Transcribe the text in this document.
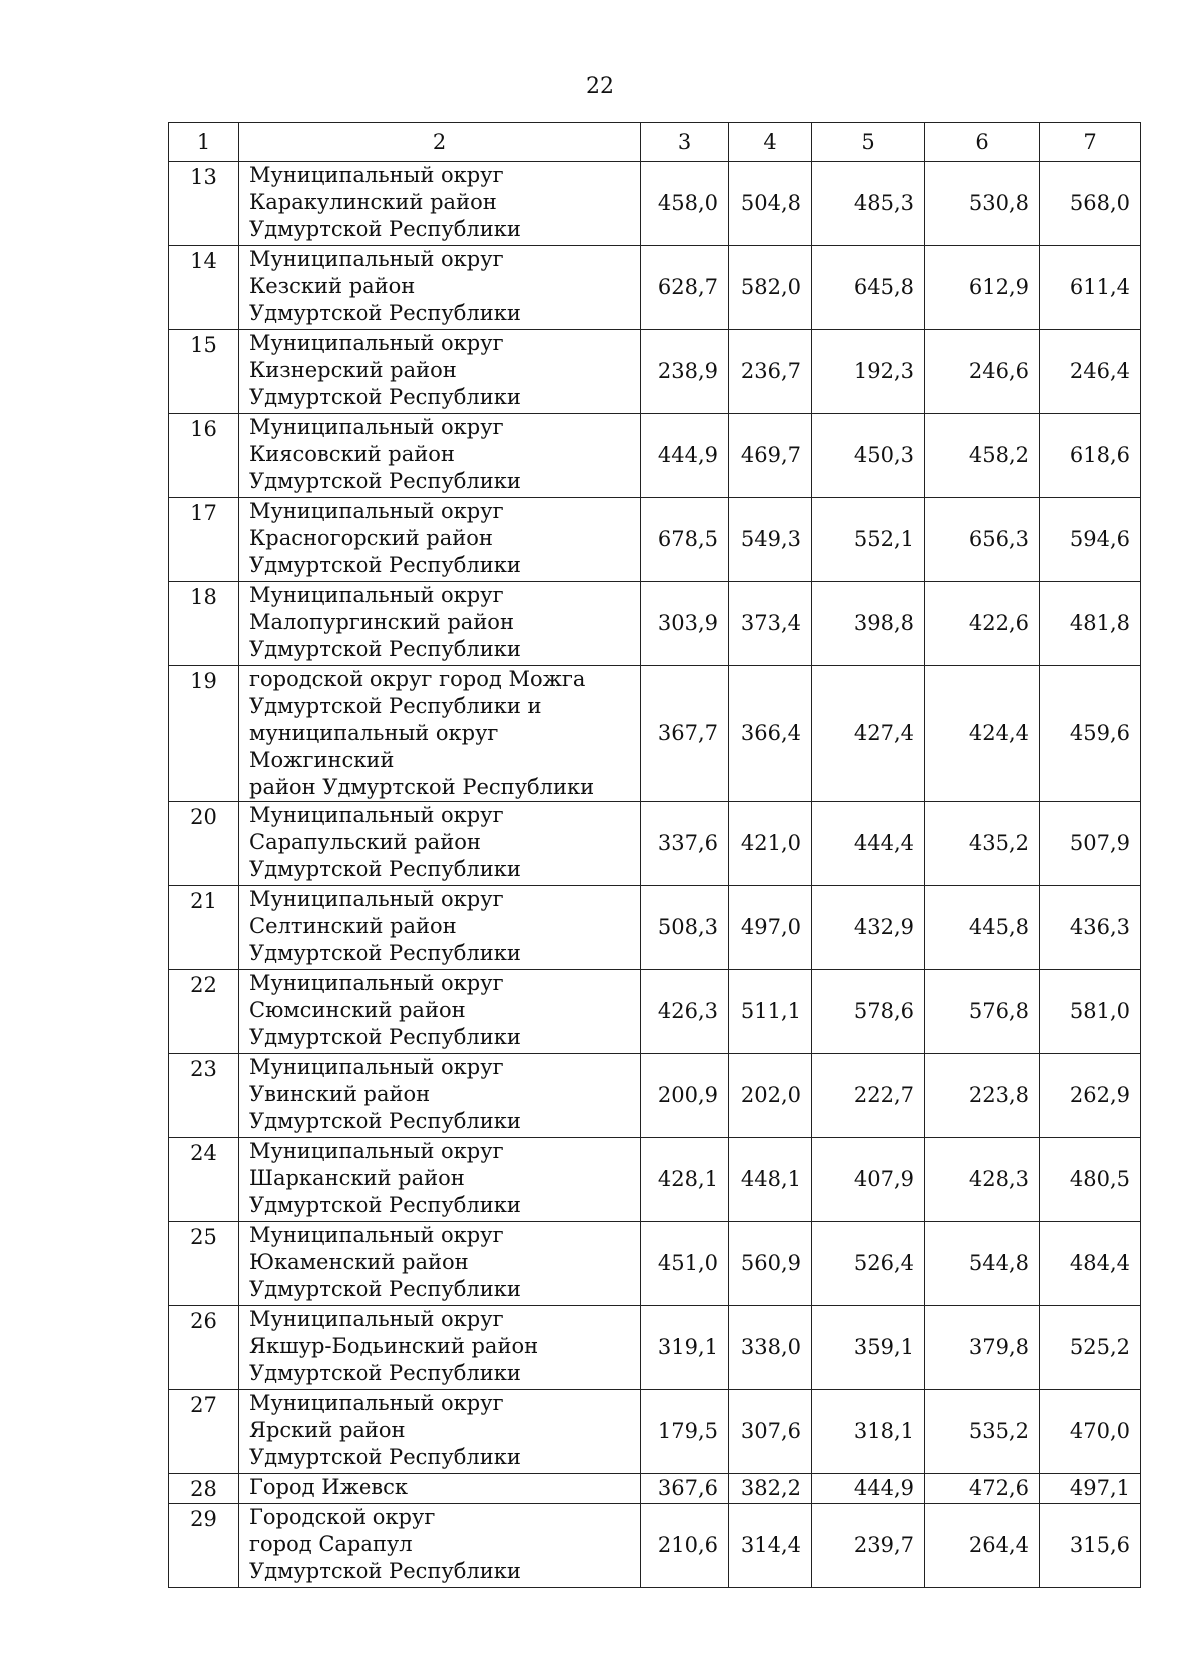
22
1	2	3	4	5	6	7
13	Муниципальный округ
Каракулинский район
Удмуртской Республики	458,0	504,8	485,3	530,8	568,0
14	Муниципальный округ
Кезский район
Удмуртской Республики	628,7	582,0	645,8	612,9	611,4
15	Муниципальный округ
Кизнерский район
Удмуртской Республики	238,9	236,7	192,3	246,6	246,4
16	Муниципальный округ
Киясовский район
Удмуртской Республики	444,9	469,7	450,3	458,2	618,6
17	Муниципальный округ
Красногорский район
Удмуртской Республики	678,5	549,3	552,1	656,3	594,6
18	Муниципальный округ
Малопургинский район
Удмуртской Республики	303,9	373,4	398,8	422,6	481,8
19	городской округ город Можга
Удмуртской Республики и
муниципальный округ Можгинский
район Удмуртской Республики	367,7	366,4	427,4	424,4	459,6
20	Муниципальный округ
Сарапульский район
Удмуртской Республики	337,6	421,0	444,4	435,2	507,9
21	Муниципальный округ
Селтинский район
Удмуртской Республики	508,3	497,0	432,9	445,8	436,3
22	Муниципальный округ
Сюмсинский район
Удмуртской Республики	426,3	511,1	578,6	576,8	581,0
23	Муниципальный округ
Увинский район
Удмуртской Республики	200,9	202,0	222,7	223,8	262,9
24	Муниципальный округ
Шарканский район
Удмуртской Республики	428,1	448,1	407,9	428,3	480,5
25	Муниципальный округ
Юкаменский район
Удмуртской Республики	451,0	560,9	526,4	544,8	484,4
26	Муниципальный округ
Якшур-Бодьинский район
Удмуртской Республики	319,1	338,0	359,1	379,8	525,2
27	Муниципальный округ
Ярский район
Удмуртской Республики	179,5	307,6	318,1	535,2	470,0
28	Город Ижевск	367,6	382,2	444,9	472,6	497,1
29	Городской округ
город Сарапул
Удмуртской Республики	210,6	314,4	239,7	264,4	315,6
